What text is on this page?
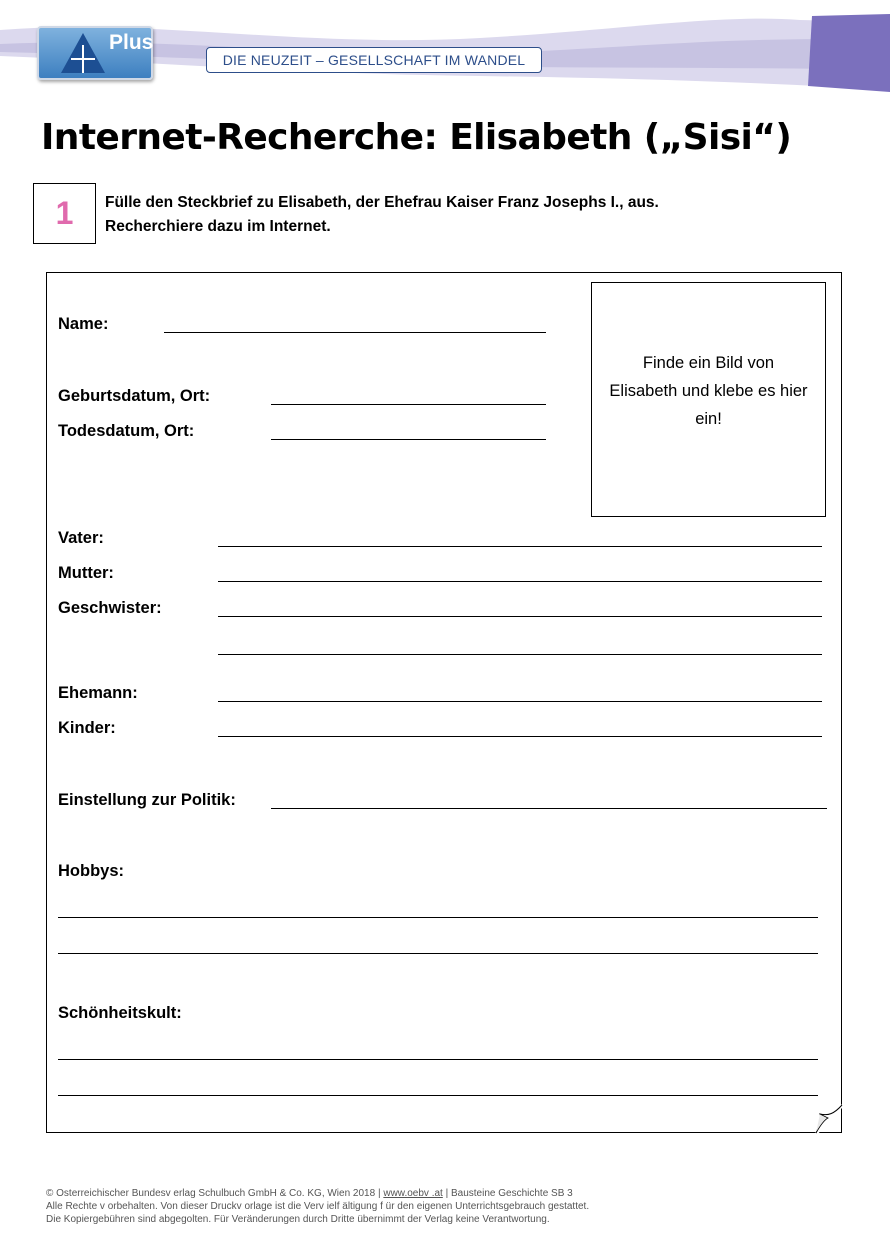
Plus
DIE NEUZEIT – GESELLSCHAFT IM WANDEL
Internet-Recherche: Elisabeth („Sisi“)
1	Fülle den Steckbrief zu Elisabeth, der Ehefrau Kaiser Franz Josephs I., aus.
Recherchiere dazu im Internet.
Finde ein Bild von
Elisabeth und klebe es hier
ein!
Name:
Geburtsdatum, Ort:
Todesdatum, Ort:
Vater:
Mutter:
Geschwister:
Ehemann:
Kinder:
Einstellung zur Politik:
Hobbys:
Schönheitskult:
© Osterreichischer Bundesv erlag Schulbuch GmbH & Co. KG, Wien 2018 | www.oebv .at | Bausteine Geschichte SB 3
Alle Rechte v orbehalten. Von dieser Druckv orlage ist die Verv ielf ältigung f ür den eigenen Unterrichtsgebrauch gestattet.
Die Kopiergebühren sind abgegolten. Für Veränderungen durch Dritte übernimmt der Verlag keine Verantwortung.
